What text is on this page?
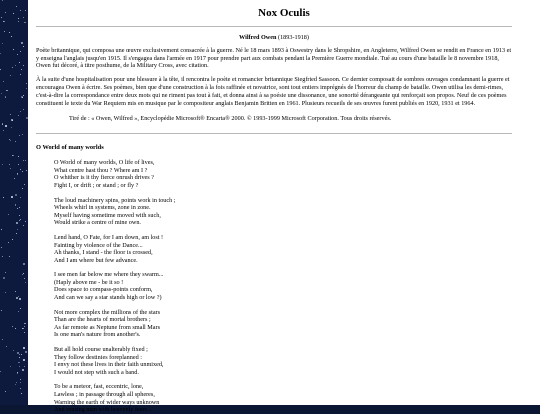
Nox Oculis
Wilfred Owen (1893-1918)

Poète britannique, qui composa une œuvre exclusivement consacrée à la guerre. Né le 18 mars 1893 à Oswestry dans le Shropshire, en Angleterre, Wilfred Owen se rendit en France en 1913 et y enseigna l'anglais jusqu'en 1915. Il s'engagea dans l'armée en 1917 pour prendre part aux combats pendant la Première Guerre mondiale. Tué au cours d'une bataille le 8 novembre 1918, Owen fut décoré, à titre posthume, de la Military Cross, avec citation.

À la suite d'une hospitalisation pour une blessure à la tête, il rencontra le poète et romancier britannique Siegfried Sassoon. Ce dernier composait de sombres ouvrages condamnant la guerre et encouragea Owen à écrire. Ses poèmes, bien que d'une construction à la fois raffinée et novatrice, sont tout entiers imprégnés de l'horreur du champ de bataille. Owen utilisa les demi-rimes, c'est-à-dire la correspondance entre deux mots qui ne riment pas tout à fait, et donna ainsi à sa poésie une dissonance, une sonorité dérangeante qui renforçait son propos. Neuf de ces poèmes constituent le texte du War Requiem mis en musique par le compositeur anglais Benjamin Britten en 1961. Plusieurs recueils de ses œuvres furent publiés en 1920, 1931 et 1964.

Tiré de : « Owen, Wilfred », Encyclopédie Microsoft® Encarta® 2000. © 1993-1999 Microsoft Corporation. Tous droits réservés.
O World of many worlds
O World of many worlds, O life of lives,
What centre hast thou ? Where am I ?
O whither is it thy fierce onrush drives ?
Fight I, or drift ; or stand ; or fly ?
The loud machinery spins, points work in touch ;
Wheels whirl in systems, zone in zone.
Myself having sometime moved with such,
Would strike a centre of mine own.
Lend hand, O Fate, for I am down, am lost !
Fainting by violence of the Dance...
Ah thanks, I stand - the floor is crossed,
And I am where but few advance.
I see men far below me where they swarm...
(Haply above me - be it so !
Does space to compass-points conform,
And can we say a star stands high or low ?)
Not more complex the millions of the stars
Than are the hearts of mortal brothers ;
As far remote as Neptune from small Mars
Is one man's nature from another's.
But all hold course unalterably fixed ;
They follow destinies foreplanned :
I envy not these lives in their faith unmixed,
I would not step with such a band.
To be a meteor, fast, eccentric, lone,
Lawless ; in passage through all spheres,
Warning the earth of wider ways unknown
And rousing men with heavenly fears...
